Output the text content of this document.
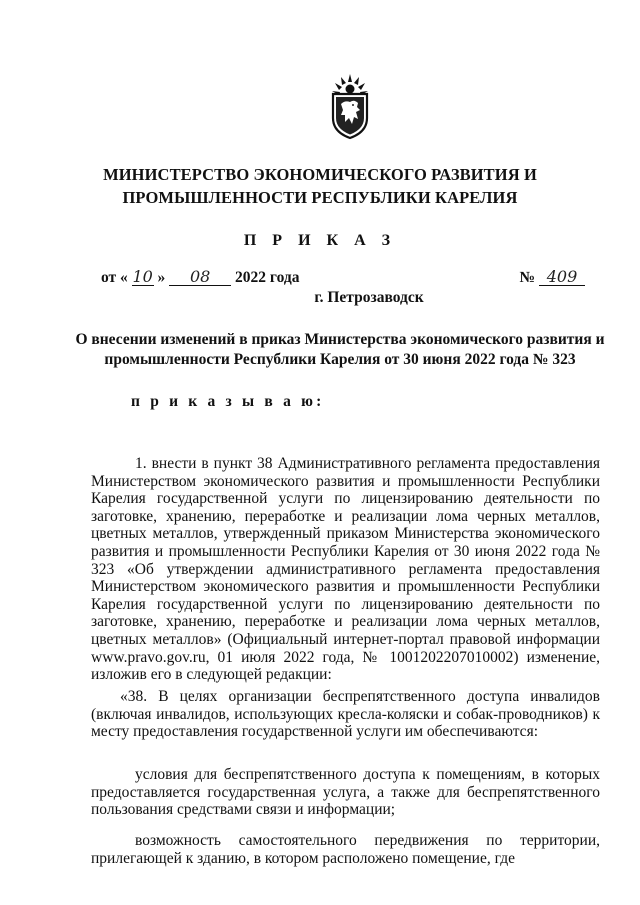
МИНИСТЕРСТВО ЭКОНОМИЧЕСКОГО РАЗВИТИЯ И ПРОМЫШЛЕННОСТИ РЕСПУБЛИКИ КАРЕЛИЯ
П Р И К А З
от « 10 » 08 2022 года	№ 409
г. Петрозаводск
О внесении изменений в приказ Министерства экономического развития и промышленности Республики Карелия от 30 июня 2022 года № 323
п р и к а з ы в а ю:
1. внести в пункт 38 Административного регламента предоставления Министерством экономического развития и промышленности Республики Карелия государственной услуги по лицензированию деятельности по заготовке, хранению, переработке и реализации лома черных металлов, цветных металлов, утвержденный приказом Министерства экономического развития и промышленности Республики Карелия от 30 июня 2022 года № 323 «Об утверждении административного регламента предоставления Министерством экономического развития и промышленности Республики Карелия государственной услуги по лицензированию деятельности по заготовке, хранению, переработке и реализации лома черных металлов, цветных металлов» (Официальный интернет-портал правовой информации www.pravo.gov.ru, 01 июля 2022 года, № 1001202207010002) изменение, изложив его в следующей редакции:
«38. В целях организации беспрепятственного доступа инвалидов (включая инвалидов, использующих кресла-коляски и собак-проводников) к месту предоставления государственной услуги им обеспечиваются:
условия для беспрепятственного доступа к помещениям, в которых предоставляется государственная услуга, а также для беспрепятственного пользования средствами связи и информации;
возможность самостоятельного передвижения по территории, прилегающей к зданию, в котором расположено помещение, где
